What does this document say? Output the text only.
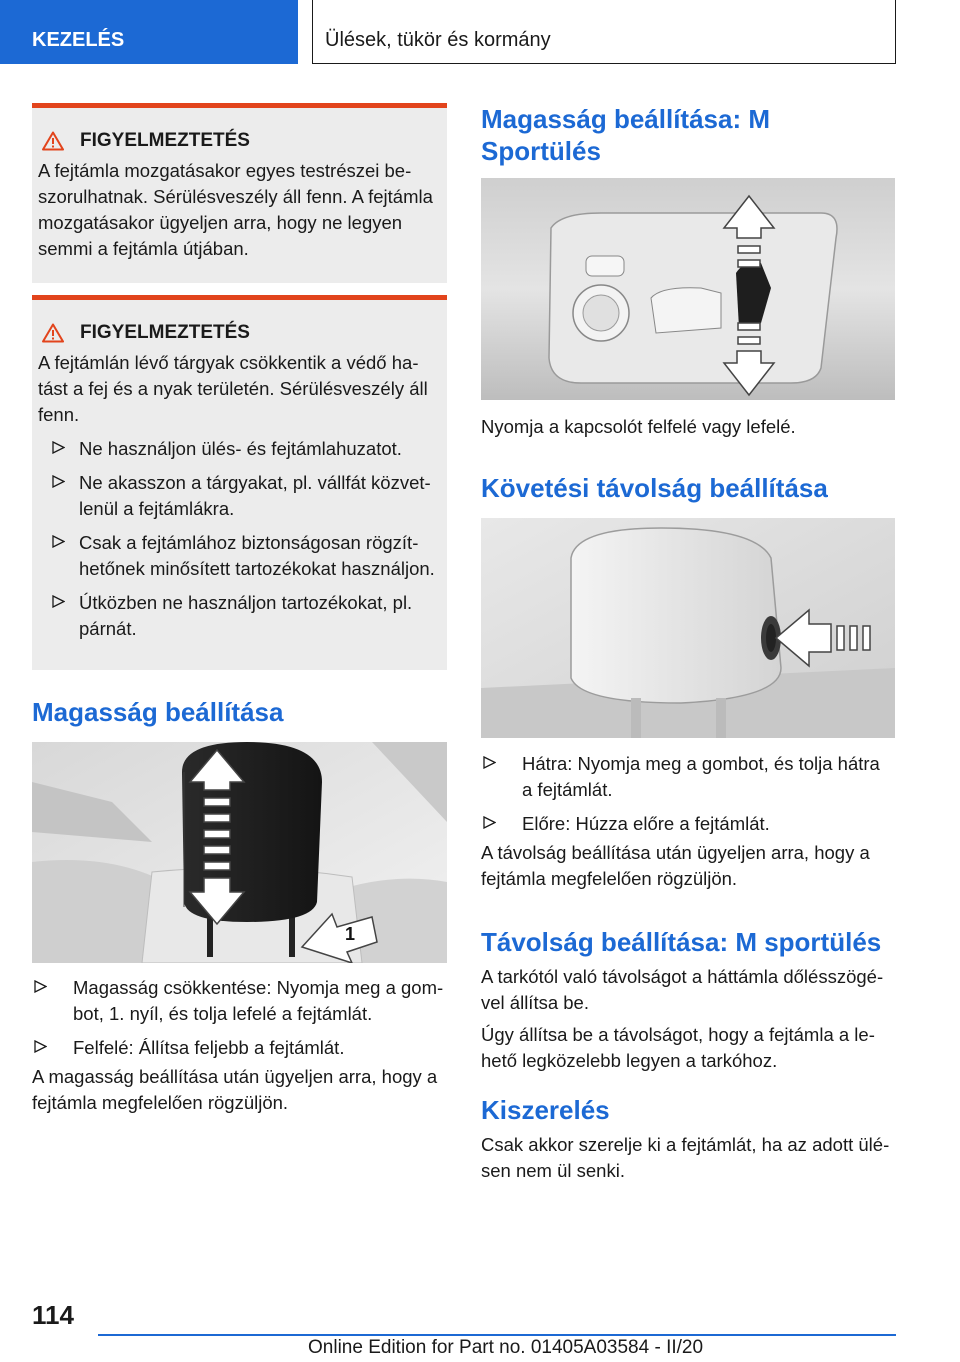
KEZELÉS	Ülések, tükör és kormány
FIGYELMEZTETÉS

A fejtámla mozgatásakor egyes testrészei beszorulhatnak. Sérülésveszély áll fenn. A fejtámla mozgatásakor ügyeljen arra, hogy ne legyen semmi a fejtámla útjában.

FIGYELMEZTETÉS

A fejtámlán lévő tárgyak csökkentik a védő hatást a fej és a nyak területén. Sérülésveszély áll fenn.

Ne használjon ülés- és fejtámlahuzatot.
Ne akasszon a tárgyakat, pl. vállfát közvetlenül a fejtámlákra.
Csak a fejtámlához biztonságosan rögzíthetőnek minősített tartozékokat használjon.
Útközben ne használjon tartozékokat, pl. párnát.
Magasság beállítása
1
Magasság csökkentése: Nyomja meg a gombot, 1. nyíl, és tolja lefelé a fejtámlát.
Felfelé: Állítsa feljebb a fejtámlát.

A magasság beállítása után ügyeljen arra, hogy a fejtámla megfelelően rögzüljön.

Magasság beállítása: M Sportülés

Nyomja a kapcsolót felfelé vagy lefelé.

Követési távolság beállítása
Hátra: Nyomja meg a gombot, és tolja hátra a fejtámlát.
Előre: Húzza előre a fejtámlát.

A távolság beállítása után ügyeljen arra, hogy a fejtámla megfelelően rögzüljön.

Távolság beállítása: M sportülés

A tarkótól való távolságot a háttámla dőlésszögével állítsa be.

Úgy állítsa be a távolságot, hogy a fejtámla a lehető legközelebb legyen a tarkóhoz.

Kiszerelés

Csak akkor szerelje ki a fejtámlát, ha az adott ülésen nem ül senki.

114
Online Edition for Part no. 01405A03584 - II/20
